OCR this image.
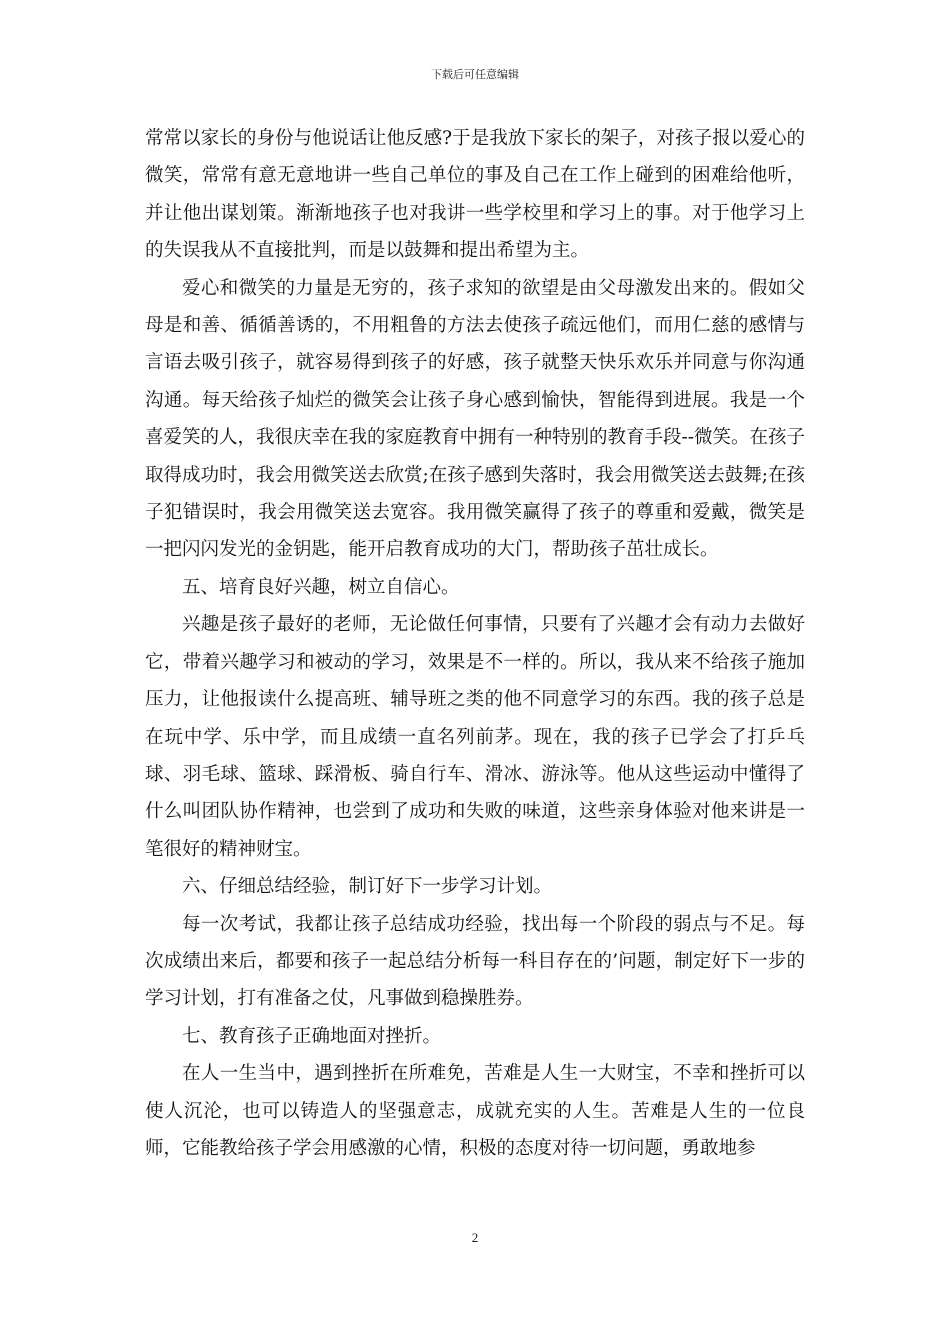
下载后可任意编辑

常常以家长的身份与他说话让他反感?于是我放下家长的架子，对孩子报以爱心的微笑，常常有意无意地讲一些自己单位的事及自己在工作上碰到的困难给他听，并让他出谋划策。渐渐地孩子也对我讲一些学校里和学习上的事。对于他学习上的失误我从不直接批判，而是以鼓舞和提出希望为主。

爱心和微笑的力量是无穷的，孩子求知的欲望是由父母激发出来的。假如父母是和善、循循善诱的，不用粗鲁的方法去使孩子疏远他们，而用仁慈的感情与言语去吸引孩子，就容易得到孩子的好感，孩子就整天快乐欢乐并同意与你沟通沟通。每天给孩子灿烂的微笑会让孩子身心感到愉快，智能得到进展。我是一个喜爱笑的人，我很庆幸在我的家庭教育中拥有一种特别的教育手段--微笑。在孩子取得成功时，我会用微笑送去欣赏;在孩子感到失落时，我会用微笑送去鼓舞;在孩子犯错误时，我会用微笑送去宽容。我用微笑赢得了孩子的尊重和爱戴，微笑是一把闪闪发光的金钥匙，能开启教育成功的大门，帮助孩子茁壮成长。

五、培育良好兴趣，树立自信心。

兴趣是孩子最好的老师，无论做任何事情，只要有了兴趣才会有动力去做好它，带着兴趣学习和被动的学习，效果是不一样的。所以，我从来不给孩子施加压力，让他报读什么提高班、辅导班之类的他不同意学习的东西。我的孩子总是在玩中学、乐中学，而且成绩一直名列前茅。现在，我的孩子已学会了打乒乓球、羽毛球、篮球、踩滑板、骑自行车、滑冰、游泳等。他从这些运动中懂得了什么叫团队协作精神，也尝到了成功和失败的味道，这些亲身体验对他来讲是一笔很好的精神财宝。

六、仔细总结经验，制订好下一步学习计划。

每一次考试，我都让孩子总结成功经验，找出每一个阶段的弱点与不足。每次成绩出来后，都要和孩子一起总结分析每一科目存在的’问题，制定好下一步的学习计划，打有准备之仗，凡事做到稳操胜券。

七、教育孩子正确地面对挫折。

在人一生当中，遇到挫折在所难免，苦难是人生一大财宝，不幸和挫折可以使人沉沦，也可以铸造人的坚强意志，成就充实的人生。苦难是人生的一位良师，它能教给孩子学会用感激的心情，积极的态度对待一切问题，勇敢地参

2
